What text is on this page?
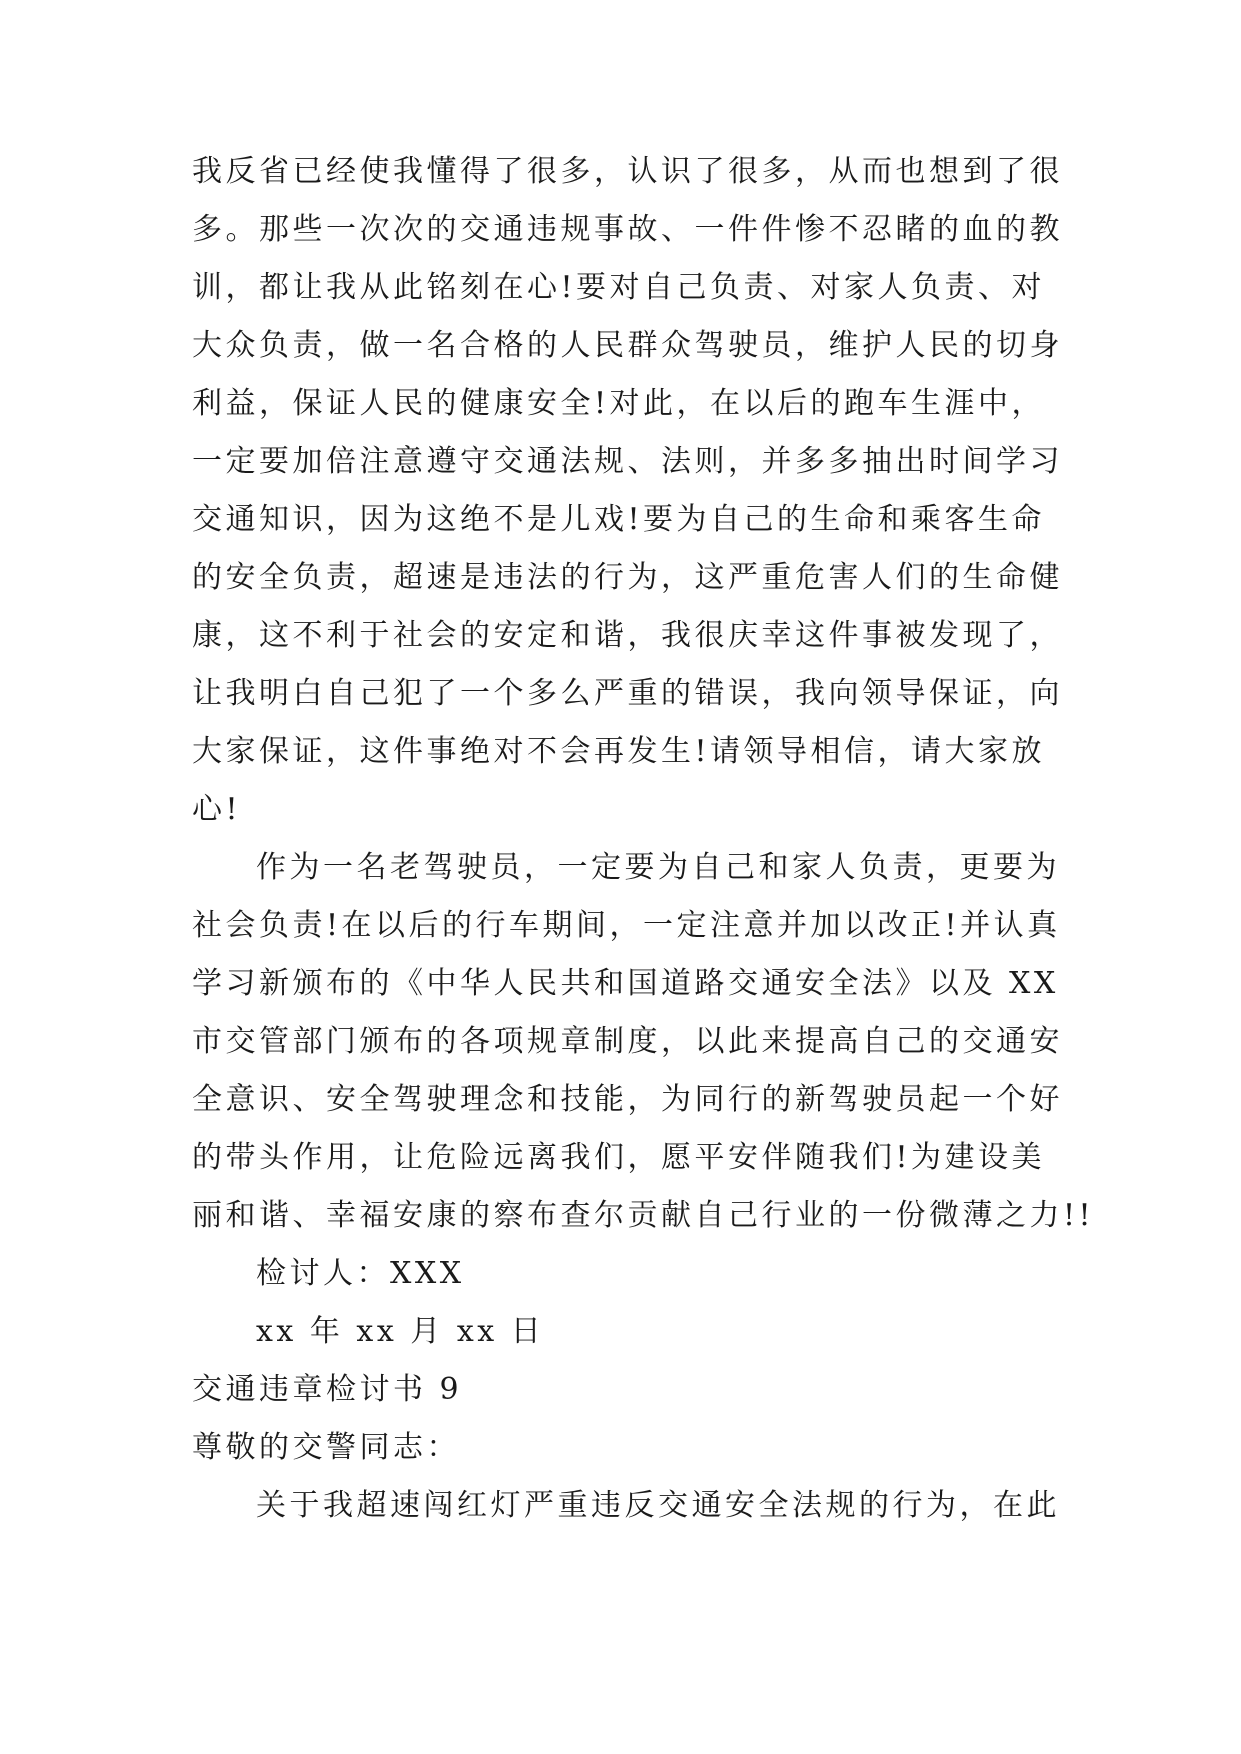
我反省已经使我懂得了很多，认识了很多，从而也想到了很
多。那些一次次的交通违规事故、一件件惨不忍睹的血的教
训，都让我从此铭刻在心!要对自己负责、对家人负责、对
大众负责，做一名合格的人民群众驾驶员，维护人民的切身
利益，保证人民的健康安全!对此，在以后的跑车生涯中，
一定要加倍注意遵守交通法规、法则，并多多抽出时间学习
交通知识，因为这绝不是儿戏!要为自己的生命和乘客生命
的安全负责，超速是违法的行为，这严重危害人们的生命健
康，这不利于社会的安定和谐，我很庆幸这件事被发现了，
让我明白自己犯了一个多么严重的错误，我向领导保证，向
大家保证，这件事绝对不会再发生!请领导相信，请大家放
心!
作为一名老驾驶员，一定要为自己和家人负责，更要为
社会负责!在以后的行车期间，一定注意并加以改正!并认真
学习新颁布的《中华人民共和国道路交通安全法》以及 XX
市交管部门颁布的各项规章制度，以此来提高自己的交通安
全意识、安全驾驶理念和技能，为同行的新驾驶员起一个好
的带头作用，让危险远离我们，愿平安伴随我们!为建设美
丽和谐、幸福安康的察布查尔贡献自己行业的一份微薄之力!!
检讨人：XXX
xx 年 xx 月 xx 日
交通违章检讨书 9
尊敬的交警同志：
关于我超速闯红灯严重违反交通安全法规的行为，在此
